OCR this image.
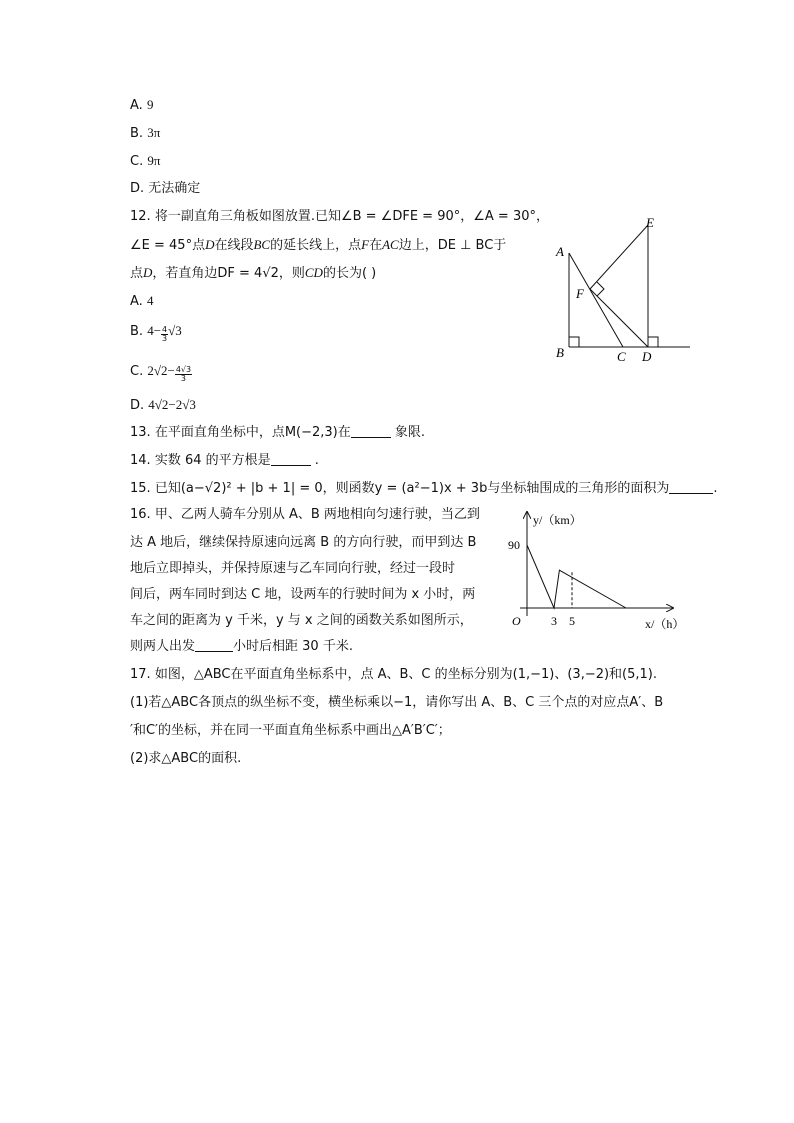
A. 9
B. 3π
C. 9π
D. 无法确定
12. 将一副直角三角板如图放置.已知∠B = ∠DFE = 90°，∠A = 30°，
∠E = 45°点D在线段BC的延长线上，点F在AC边上，DE ⊥ BC于
点D，若直角边DF = 4√2，则CD的长为( )
A. 4
B. $4- \frac{4}{3} √3$
C. $2√2- \frac{4√3}{3}$
D. 4√2−2√3
A
B	C D
E
F
13. 在平面直角坐标中，点M(−2,3)在	象限.
14. 实数 64 的平方根是	.
15. 已知(a−√2)² + |b + 1| = 0，则函数y = (a²−1)x + 3b与坐标轴围成的三角形的面积为	.
16. 甲、乙两人骑车分别从 A、B 两地相向匀速行驶，当乙到
达 A 地后，继续保持原速向远离 B 的方向行驶，而甲到达 B
地后立即掉头，并保持原速与乙车同向行驶，经过一段时
间后，两车同时到达 C 地，设两车的行驶时间为 x 小时，两
车之间的距离为 y 千米，y 与 x 之间的函数关系如图所示，
则两人出发	小时后相距 30 千米.
y/（km）
x/（h）
O	3 5
90
17. 如图，△ABC在平面直角坐标系中，点 A、B、C 的坐标分别为(1,−1)、(3,−2)和(5,1).
(1)若△ABC各顶点的纵坐标不变，横坐标乘以−1，请你写出 A、B、C 三个点的对应点A′、B
′和C′的坐标，并在同一平面直角坐标系中画出△A′B′C′；
(2)求△ABC的面积.
